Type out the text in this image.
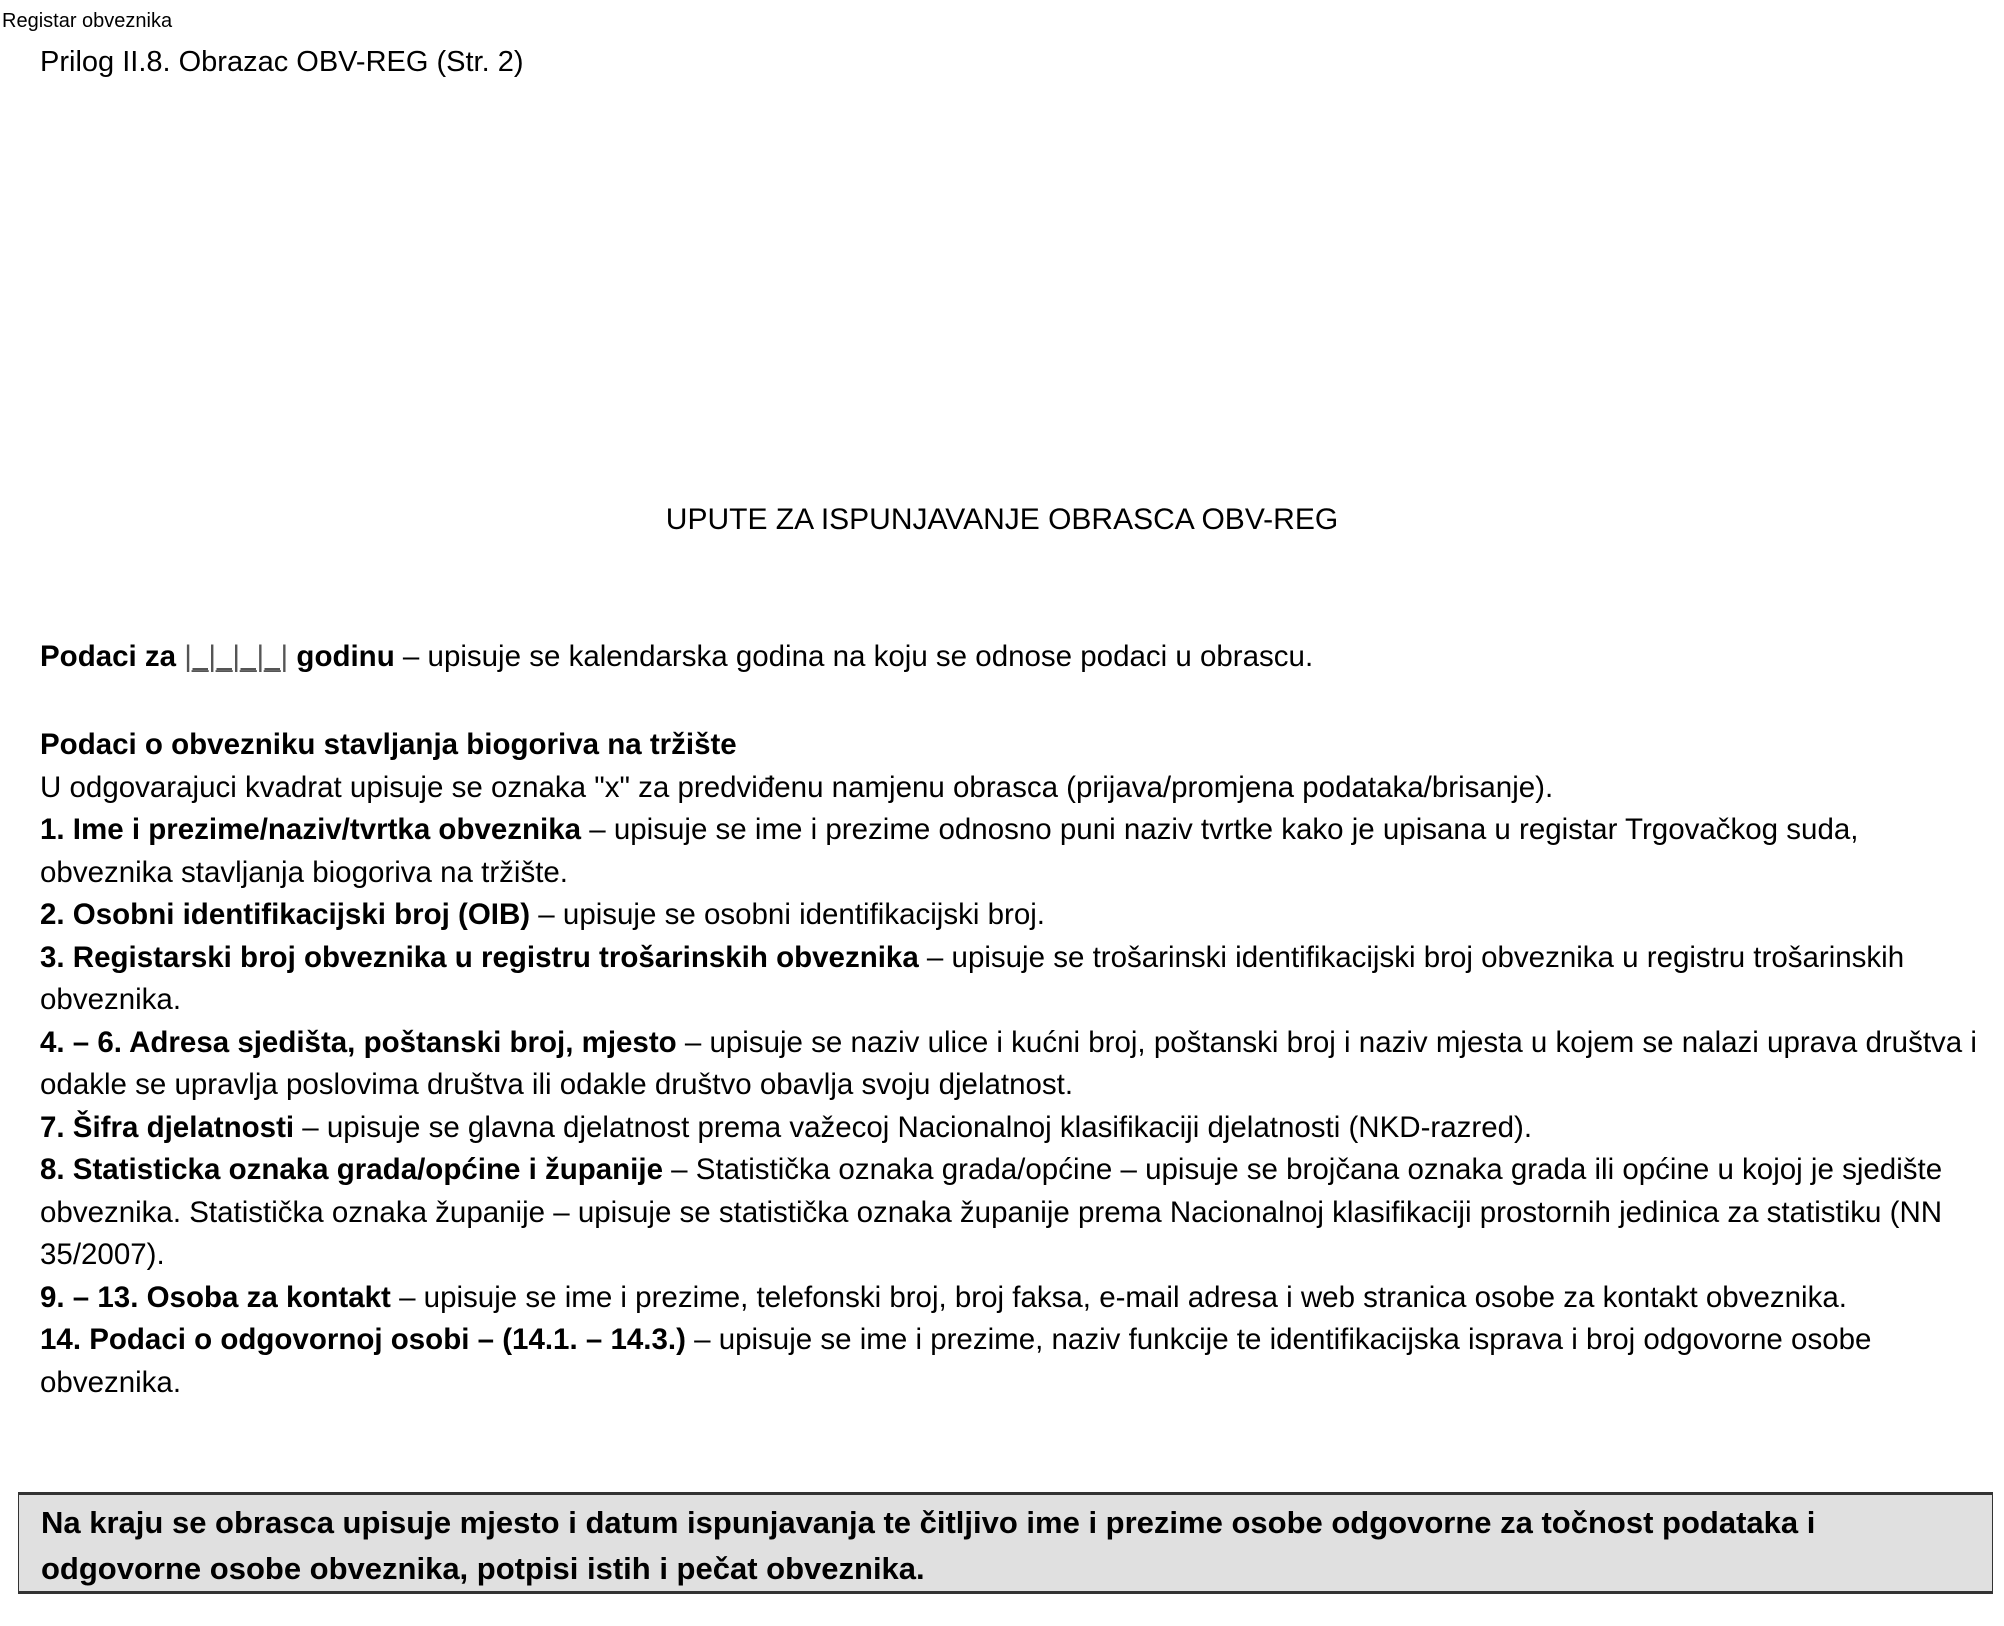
Registar obveznika
Prilog II.8. Obrazac OBV-REG (Str. 2)
UPUTE ZA ISPUNJAVANJE OBRASCA OBV-REG
Podaci za |_|_|_|_| godinu – upisuje se kalendarska godina na koju se odnose podaci u obrascu.
Podaci o obvezniku stavljanja biogoriva na tržište
U odgovarajuci kvadrat upisuje se oznaka "x" za predviđenu namjenu obrasca (prijava/promjena podataka/brisanje).
1. Ime i prezime/naziv/tvrtka obveznika – upisuje se ime i prezime odnosno puni naziv tvrtke kako je upisana u registar Trgovačkog suda, obveznika stavljanja biogoriva na tržište.
2. Osobni identifikacijski broj (OIB) – upisuje se osobni identifikacijski broj.
3. Registarski broj obveznika u registru trošarinskih obveznika – upisuje se trošarinski identifikacijski broj obveznika u registru trošarinskih obveznika.
4. – 6. Adresa sjedišta, poštanski broj, mjesto – upisuje se naziv ulice i kućni broj, poštanski broj i naziv mjesta u kojem se nalazi uprava društva i odakle se upravlja poslovima društva ili odakle društvo obavlja svoju djelatnost.
7. Šifra djelatnosti – upisuje se glavna djelatnost prema važecoj Nacionalnoj klasifikaciji djelatnosti (NKD-razred).
8. Statisticka oznaka grada/općine i županije – Statistička oznaka grada/općine – upisuje se brojčana oznaka grada ili općine u kojoj je sjedište obveznika. Statistička oznaka županije – upisuje se statistička oznaka županije prema Nacionalnoj klasifikaciji prostornih jedinica za statistiku (NN 35/2007).
9. – 13. Osoba za kontakt – upisuje se ime i prezime, telefonski broj, broj faksa, e-mail adresa i web stranica osobe za kontakt obveznika.
14. Podaci o odgovornoj osobi – (14.1. – 14.3.) – upisuje se ime i prezime, naziv funkcije te identifikacijska isprava i broj odgovorne osobe obveznika.
Na kraju se obrasca upisuje mjesto i datum ispunjavanja te čitljivo ime i prezime osobe odgovorne za točnost podataka i odgovorne osobe obveznika, potpisi istih i pečat obveznika.
